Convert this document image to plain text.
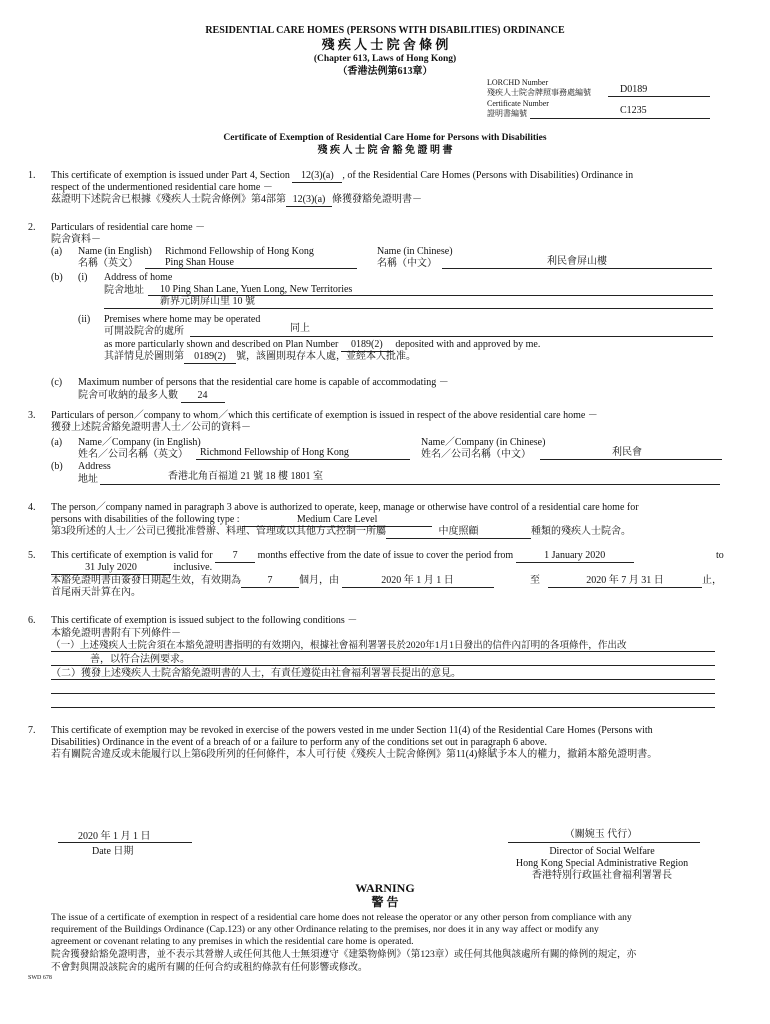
RESIDENTIAL CARE HOMES (PERSONS WITH DISABILITIES) ORDINANCE
殘 疾 人 士 院 舍 條 例
(Chapter 613, Laws of Hong Kong)
（香港法例第613章）
LORCHD Number
殘疾人士院舍牌照事務處編號	D0189
Certificate Number
證明書編號	C1235
Certificate of Exemption of Residential Care Home for Persons with Disabilities
殘 疾 人 士 院 舍 豁 免 證 明 書
1. This certificate of exemption is issued under Part 4, Section 12(3)(a) , of the Residential Care Homes (Persons with Disabilities) Ordinance in
respect of the undermentioned residential care home －
茲證明下述院舍已根據《殘疾人士院舍條例》第4部第 12(3)(a) 條獲發豁免證明書－
2. Particulars of residential care home －
院舍資料－
(a) Name (in English) Richmond Fellowship of Hong Kong
名稱（英文）	Ping Shan House
Name (in Chinese)
名稱（中文）	利民會屏山樓
(b) (i) Address of home
院舍地址 10 Ping Shan Lane, Yuen Long, New Territories
新界元朗屏山里 10 號
(ii) Premises where home may be operated
可開設院舍的處所	同上
as more particularly shown and described on Plan Number 0189(2) deposited with and approved by me.
其詳情見於圖則第 0189(2) 號，該圖則現存本人處，並經本人批准。
(c) Maximum number of persons that the residential care home is capable of accommodating －
院舍可收納的最多人數 24
3. Particulars of person／company to whom／which this certificate of exemption is issued in respect of the above residential care home －
獲發上述院舍豁免證明書人士／公司的資料－
(a) Name／Company (in English)
姓名／公司名稱（英文） Richmond Fellowship of Hong Kong
Name／Company (in Chinese)
姓名／公司名稱（中文）	利民會
(b) Address
地址	香港北角百福道 21 號 18 樓 1801 室
4. The person／company named in paragraph 3 above is authorized to operate, keep, manage or otherwise have control of a residential care home for
persons with disabilities of the following type :	Medium Care Level
第3段所述的人士／公司已獲批准營辦、料理、管理或以其他方式控制一所屬	中度照顧	種類的殘疾人士院舍。
5. This certificate of exemption is valid for 7 months effective from the date of issue to cover the period from	1 January 2020	to
31 July 2020	inclusive.
本豁免證明書由簽發日期起生效，有效期為	7	個月，由	2020 年 1 月 1 日	至	2020 年 7 月 31 日	止，
首尾兩天計算在內。
6. This certificate of exemption is issued subject to the following conditions －
本豁免證明書附有下列條件－
（一）上述殘疾人士院舍須在本豁免證明書指明的有效期內，根據社會福利署署長於2020年1月1日發出的信件內訂明的各項條件，作出改
善，以符合法例要求。
（二）獲發上述殘疾人士院舍豁免證明書的人士，有責任遵從由社會福利署署長提出的意見。
7. This certificate of exemption may be revoked in exercise of the powers vested in me under Section 11(4) of the Residential Care Homes (Persons with
Disabilities) Ordinance in the event of a breach of or a failure to perform any of the conditions set out in paragraph 6 above.
若有關院舍違反或未能履行以上第6段所列的任何條件，本人可行使《殘疾人士院舍條例》第11(4)條賦予本人的權力，撤銷本豁免證明書。
2020 年 1 月 1 日
Date 日期
（關婉玉 代行）
Director of Social Welfare
Hong Kong Special Administrative Region
香港特別行政區社會福利署署長
WARNING
警 告
The issue of a certificate of exemption in respect of a residential care home does not release the operator or any other person from compliance with any
requirement of the Buildings Ordinance (Cap.123) or any other Ordinance relating to the premises, nor does it in any way affect or modify any
agreement or covenant relating to any premises in which the residential care home is operated.
院舍獲發給豁免證明書，並不表示其營辦人或任何其他人士無須遵守《建築物條例》（第123章）或任何其他與該處所有關的條例的規定，亦
不會對與開設該院舍的處所有關的任何合約或租約條款有任何影響或修改。
SWD 678
